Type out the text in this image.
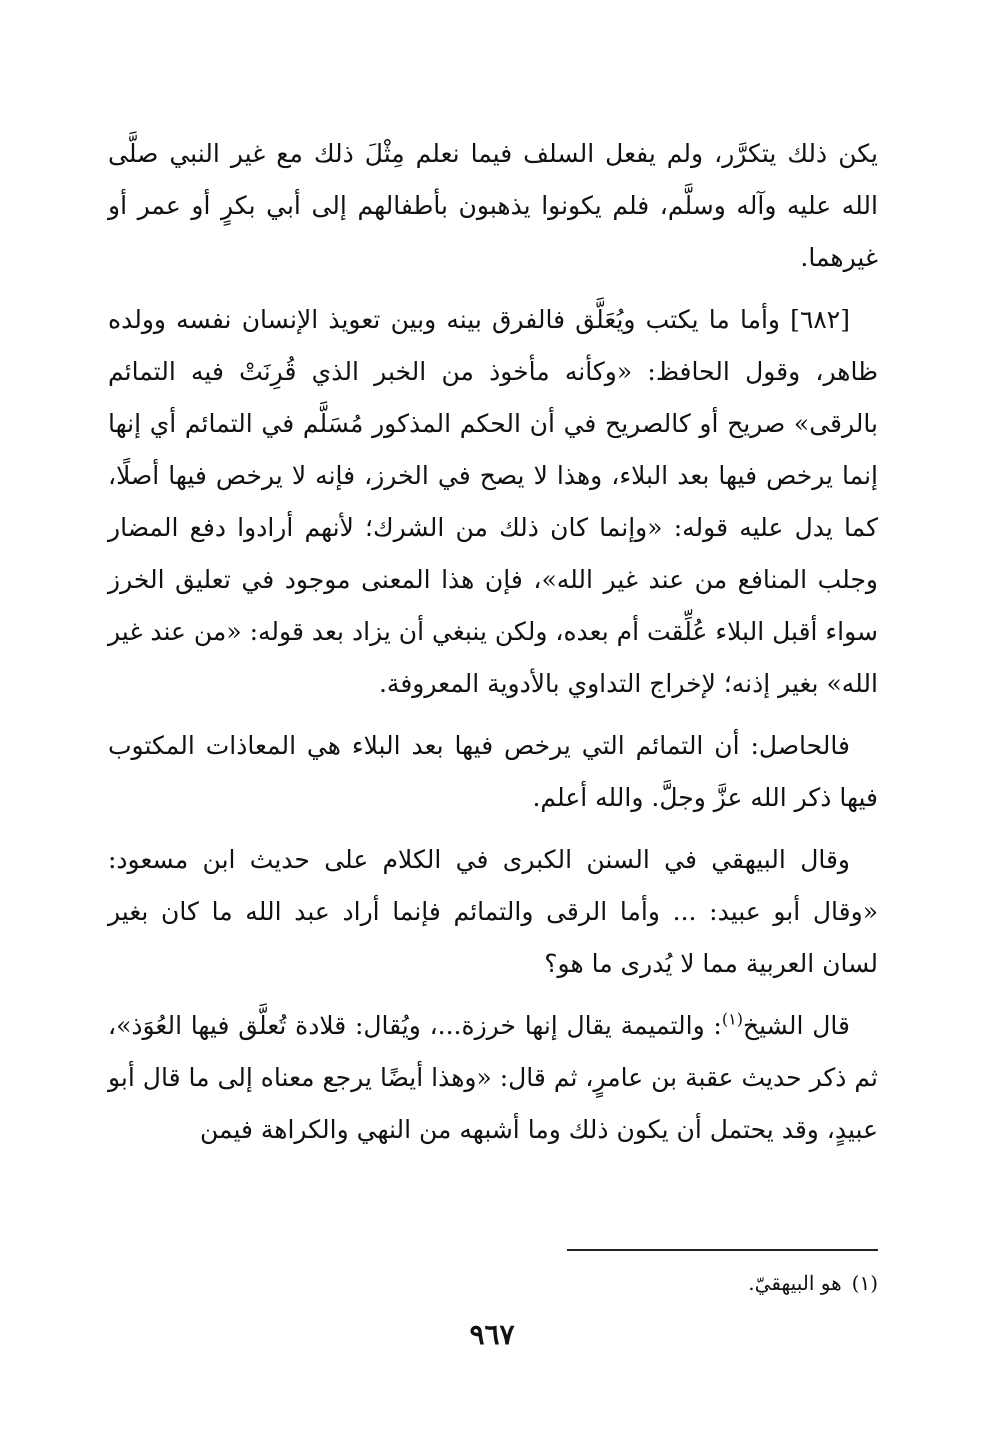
يكن ذلك يتكرَّر، ولم يفعل السلف فيما نعلم مِثْلَ ذلك مع غير النبي صلَّى الله عليه وآله وسلَّم، فلم يكونوا يذهبون بأطفالهم إلى أبي بكرٍ أو عمر أو غيرهما.

[٦٨٢] وأما ما يكتب ويُعَلَّق فالفرق بينه وبين تعويذ الإنسان نفسه وولده ظاهر، وقول الحافظ: «وكأنه مأخوذ من الخبر الذي قُرِنَتْ فيه التمائم بالرقى» صريح أو كالصريح في أن الحكم المذكور مُسَلَّم في التمائم أي إنها إنما يرخص فيها بعد البلاء، وهذا لا يصح في الخرز، فإنه لا يرخص فيها أصلًا، كما يدل عليه قوله: «وإنما كان ذلك من الشرك؛ لأنهم أرادوا دفع المضار وجلب المنافع من عند غير الله»، فإن هذا المعنى موجود في تعليق الخرز سواء أقبل البلاء عُلِّقت أم بعده، ولكن ينبغي أن يزاد بعد قوله: «من عند غير الله» بغير إذنه؛ لإخراج التداوي بالأدوية المعروفة.

فالحاصل: أن التمائم التي يرخص فيها بعد البلاء هي المعاذات المكتوب فيها ذكر الله عزَّ وجلَّ. والله أعلم.

وقال البيهقي في السنن الكبرى في الكلام على حديث ابن مسعود: «وقال أبو عبيد: ... وأما الرقى والتمائم فإنما أراد عبد الله ما كان بغير لسان العربية مما لا يُدرى ما هو؟

قال الشيخ$^{(١)}$: والتميمة يقال إنها خرزة...، ويُقال: قلادة تُعلَّق فيها العُوَذ»، ثم ذكر حديث عقبة بن عامرٍ، ثم قال: «وهذا أيضًا يرجع معناه إلى ما قال أبو عبيدٍ، وقد يحتمل أن يكون ذلك وما أشبهه من النهي والكراهة فيمن

(١)هو البيهقيّ.
٩٦٧
